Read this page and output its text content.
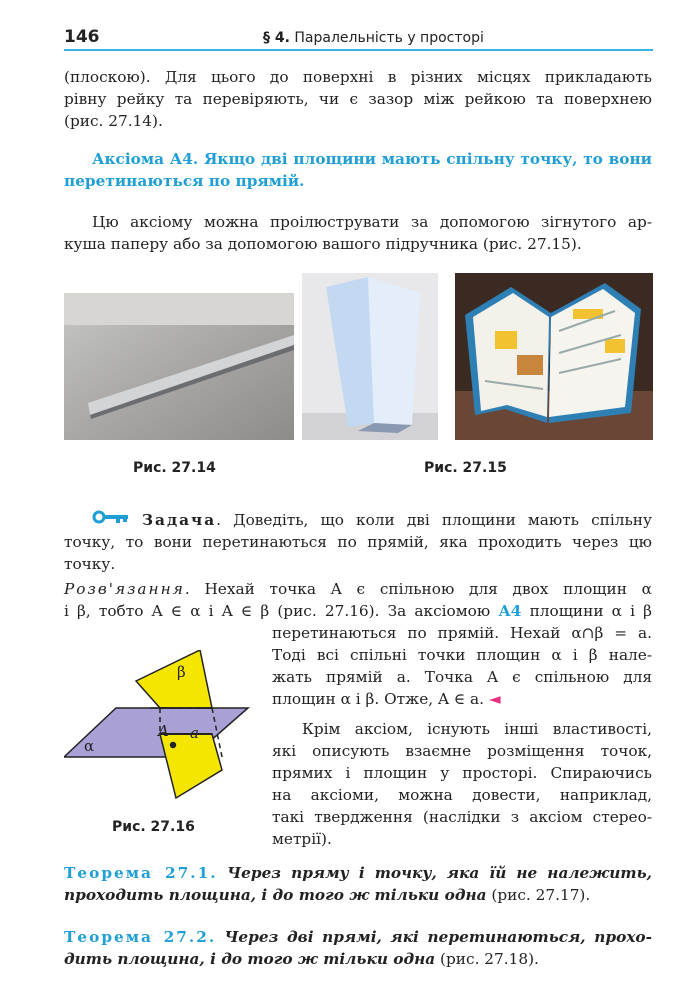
146	§ 4. Паралельність у просторі
(плоскою). Для цього до поверхні в різних місцях прикладають
рівну рейку та перевіряють, чи є зазор між рейкою та поверхнею
(рис. 27.14).
Аксіома А4. Якщо дві площини мають спільну точку, то вони
перетинаються по прямій.
Цю аксіому можна проілюструвати за допомогою зігнутого ар-
куша паперу або за допомогою вашого підручника (рис. 27.15).
Рис. 27.14	Рис. 27.15
Задача. Доведіть, що коли дві площини мають спільну
точку, то вони перетинаються по прямій, яка проходить через цю
точку.
Розв'язання. Нехай точка A є спільною для двох площин α
і β, тобто A ∈ α і A ∈ β (рис. 27.16). За аксіомою А4 площини α і β
перетинаються по прямій. Нехай α∩β = a.
Тоді всі спільні точки площин α і β нале-
жать прямій a. Точка A є спільною для
площин α і β. Отже, A ∈ a. ◄
β
α
A a
Рис. 27.16
Крім аксіом, існують інші властивості,
які описують взаємне розміщення точок,
прямих і площин у просторі. Спираючись
на аксіоми, можна довести, наприклад,
такі твердження (наслідки з аксіом стерео-
метрії).
Теорема 27.1. Через пряму і точку, яка їй не належить,
проходить площина, і до того ж тільки одна (рис. 27.17).
Теорема 27.2. Через дві прямі, які перетинаються, прохо-
дить площина, і до того ж тільки одна (рис. 27.18).
